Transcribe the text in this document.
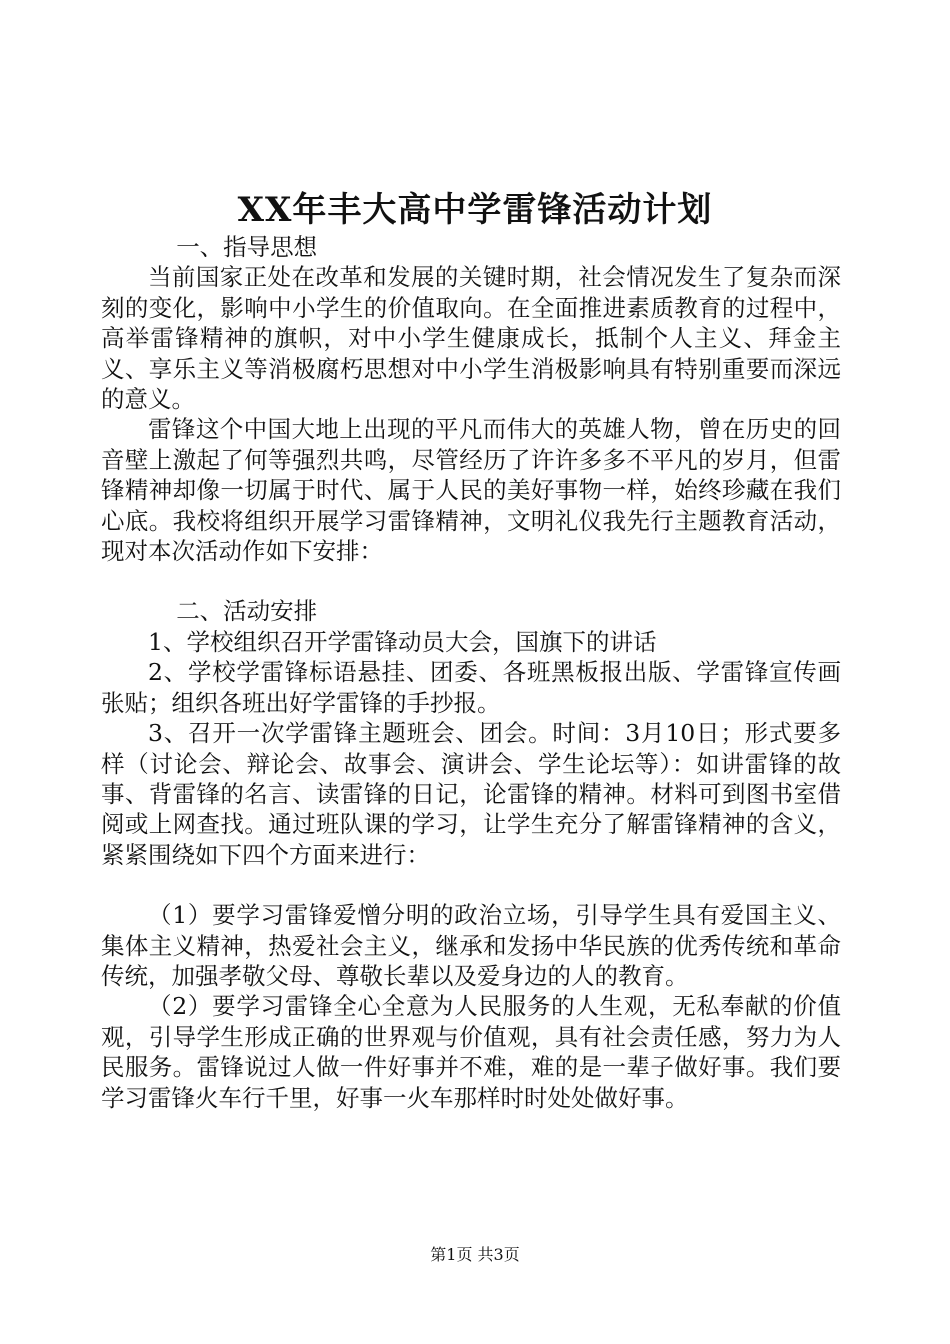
XX年丰大高中学雷锋活动计划

一、指导思想

当前国家正处在改革和发展的关键时期，社会情况发生了复杂而深刻的变化，影响中小学生的价值取向。在全面推进素质教育的过程中，高举雷锋精神的旗帜，对中小学生健康成长，抵制个人主义、拜金主义、享乐主义等消极腐朽思想对中小学生消极影响具有特别重要而深远的意义。

雷锋这个中国大地上出现的平凡而伟大的英雄人物，曾在历史的回音壁上激起了何等强烈共鸣，尽管经历了许许多多不平凡的岁月，但雷锋精神却像一切属于时代、属于人民的美好事物一样，始终珍藏在我们心底。我校将组织开展学习雷锋精神，文明礼仪我先行主题教育活动，现对本次活动作如下安排：

二、活动安排

1、学校组织召开学雷锋动员大会，国旗下的讲话

2、学校学雷锋标语悬挂、团委、各班黑板报出版、学雷锋宣传画张贴；组织各班出好学雷锋的手抄报。

3、召开一次学雷锋主题班会、团会。时间：3月10日；形式要多样（讨论会、辩论会、故事会、演讲会、学生论坛等）：如讲雷锋的故事、背雷锋的名言、读雷锋的日记，论雷锋的精神。材料可到图书室借阅或上网查找。通过班队课的学习，让学生充分了解雷锋精神的含义，紧紧围绕如下四个方面来进行：

（1）要学习雷锋爱憎分明的政治立场，引导学生具有爱国主义、集体主义精神，热爱社会主义，继承和发扬中华民族的优秀传统和革命传统，加强孝敬父母、尊敬长辈以及爱身边的人的教育。

（2）要学习雷锋全心全意为人民服务的人生观，无私奉献的价值观，引导学生形成正确的世界观与价值观，具有社会责任感，努力为人民服务。雷锋说过人做一件好事并不难，难的是一辈子做好事。我们要学习雷锋火车行千里，好事一火车那样时时处处做好事。

第1页 共3页
